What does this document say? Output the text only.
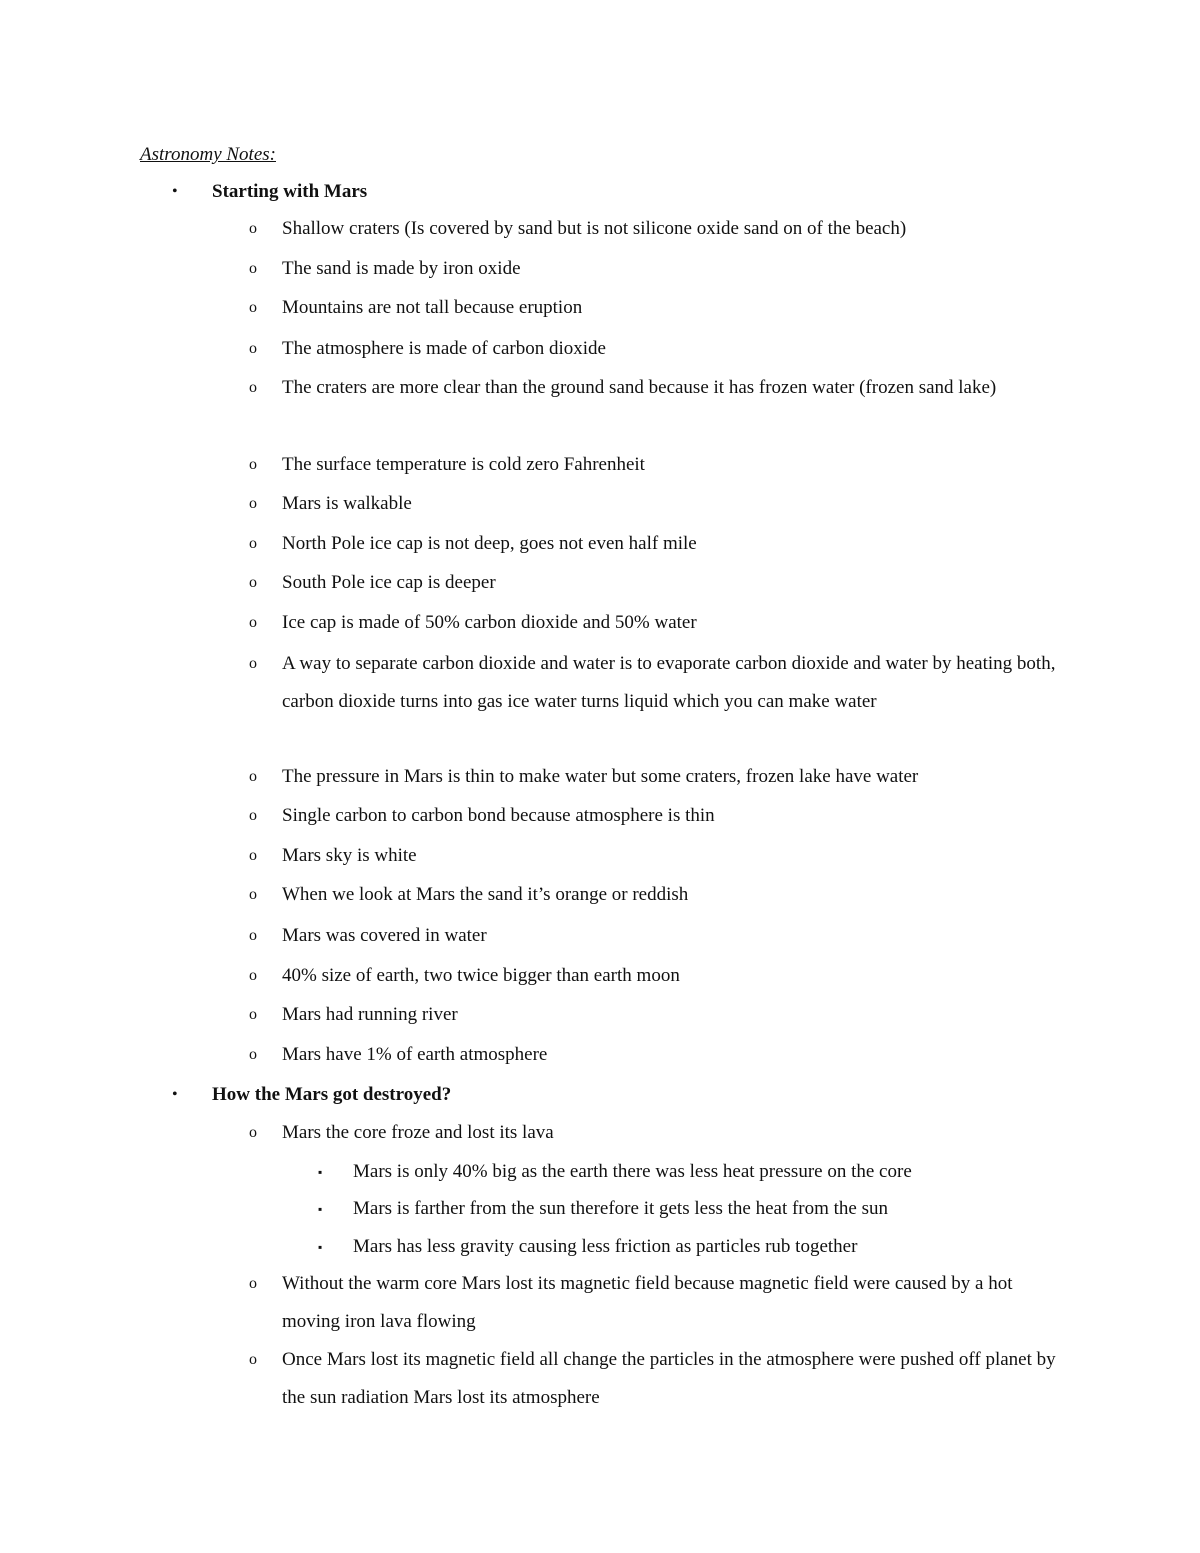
Astronomy Notes:
• Starting with Mars
o Shallow craters (Is covered by sand but is not silicone oxide sand on of the beach)
o The sand is made by iron oxide
o Mountains are not tall because eruption
o The atmosphere is made of carbon dioxide
o The craters are more clear than the ground sand because it has frozen water (frozen sand lake)
o The surface temperature is cold zero Fahrenheit
o Mars is walkable
o North Pole ice cap is not deep, goes not even half mile
o South Pole ice cap is deeper
o Ice cap is made of 50% carbon dioxide and 50% water
o A way to separate carbon dioxide and water is to evaporate carbon dioxide and water by heating both, carbon dioxide turns into gas ice water turns liquid which you can make water
o The pressure in Mars is thin to make water but some craters, frozen lake have water
o Single carbon to carbon bond because atmosphere is thin
o Mars sky is white
o When we look at Mars the sand it’s orange or reddish
o Mars was covered in water
o 40% size of earth, two twice bigger than earth moon
o Mars had running river
o Mars have 1% of earth atmosphere
• How the Mars got destroyed?
o Mars the core froze and lost its lava
▪ Mars is only 40% big as the earth there was less heat pressure on the core
▪ Mars is farther from the sun therefore it gets less the heat from the sun
▪ Mars has less gravity causing less friction as particles rub together
o Without the warm core Mars lost its magnetic field because magnetic field were caused by a hot moving iron lava flowing
o Once Mars lost its magnetic field all change the particles in the atmosphere were pushed off planet by the sun radiation Mars lost its atmosphere
